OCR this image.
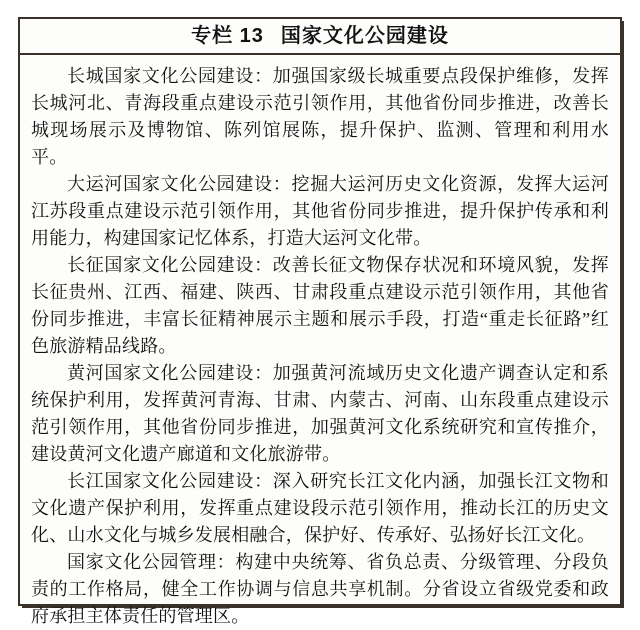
专栏 13 国家文化公园建设

长城国家文化公园建设：加强国家级长城重要点段保护维修，发挥长城河北、青海段重点建设示范引领作用，其他省份同步推进，改善长城现场展示及博物馆、陈列馆展陈，提升保护、监测、管理和利用水平。

大运河国家文化公园建设：挖掘大运河历史文化资源，发挥大运河江苏段重点建设示范引领作用，其他省份同步推进，提升保护传承和利用能力，构建国家记忆体系，打造大运河文化带。

长征国家文化公园建设：改善长征文物保存状况和环境风貌，发挥长征贵州、江西、福建、陕西、甘肃段重点建设示范引领作用，其他省份同步推进，丰富长征精神展示主题和展示手段，打造“重走长征路”红色旅游精品线路。

黄河国家文化公园建设：加强黄河流域历史文化遗产调查认定和系统保护利用，发挥黄河青海、甘肃、内蒙古、河南、山东段重点建设示范引领作用，其他省份同步推进，加强黄河文化系统研究和宣传推介，建设黄河文化遗产廊道和文化旅游带。

长江国家文化公园建设：深入研究长江文化内涵，加强长江文物和文化遗产保护利用，发挥重点建设段示范引领作用，推动长江的历史文化、山水文化与城乡发展相融合，保护好、传承好、弘扬好长江文化。

国家文化公园管理：构建中央统筹、省负总责、分级管理、分段负责的工作格局，健全工作协调与信息共享机制。分省设立省级党委和政府承担主体责任的管理区。
